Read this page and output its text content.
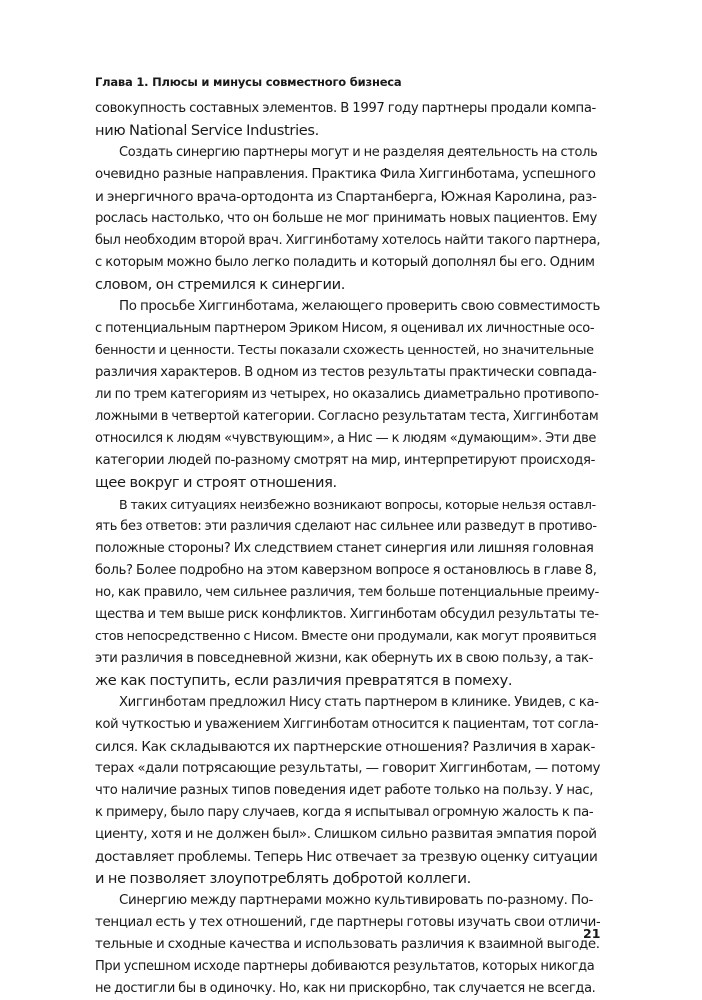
Глава 1. Плюсы и минусы совместного бизнеса
совокупность составных элементов. В 1997 году партнеры продали компа-
нию National Service Industries.
Создать синергию партнеры могут и не разделяя деятельность на столь
очевидно разные направления. Практика Фила Хиггинботама, успешного
и энергичного врача-ортодонта из Спартанберга, Южная Каролина, раз-
рослась настолько, что он больше не мог принимать новых пациентов. Ему
был необходим второй врач. Хиггинботаму хотелось найти такого партнера,
с которым можно было легко поладить и который дополнял бы его. Одним
словом, он стремился к синергии.
По просьбе Хиггинботама, желающего проверить свою совместимость
с потенциальным партнером Эриком Нисом, я оценивал их личностные осо-
бенности и ценности. Тесты показали схожесть ценностей, но значительные
различия характеров. В одном из тестов результаты практически совпада-
ли по трем категориям из четырех, но оказались диаметрально противопо-
ложными в четвертой категории. Согласно результатам теста, Хиггинботам
относился к людям «чувствующим», а Нис — к людям «думающим». Эти две
категории людей по-разному смотрят на мир, интерпретируют происходя-
щее вокруг и строят отношения.
В таких ситуациях неизбежно возникают вопросы, которые нельзя оставл-
ять без ответов: эти различия сделают нас сильнее или разведут в противо-
положные стороны? Их следствием станет синергия или лишняя головная
боль? Более подробно на этом каверзном вопросе я остановлюсь в главе 8,
но, как правило, чем сильнее различия, тем больше потенциальные преиму-
щества и тем выше риск конфликтов. Хиггинботам обсудил результаты те-
стов непосредственно с Нисом. Вместе они продумали, как могут проявиться
эти различия в повседневной жизни, как обернуть их в свою пользу, а так-
же как поступить, если различия превратятся в помеху.
Хиггинботам предложил Нису стать партнером в клинике. Увидев, с ка-
кой чуткостью и уважением Хиггинботам относится к пациентам, тот согла-
сился. Как складываются их партнерские отношения? Различия в харак-
терах «дали потрясающие результаты, — говорит Хиггинботам, — потому
что наличие разных типов поведения идет работе только на пользу. У нас,
к примеру, было пару случаев, когда я испытывал огромную жалость к па-
циенту, хотя и не должен был». Слишком сильно развитая эмпатия порой
доставляет проблемы. Теперь Нис отвечает за трезвую оценку ситуации
и не позволяет злоупотреблять добротой коллеги.
Синергию между партнерами можно культивировать по-разному. По-
тенциал есть у тех отношений, где партнеры готовы изучать свои отличи-
тельные и сходные качества и использовать различия к взаимной выгоде.
При успешном исходе партнеры добиваются результатов, которых никогда
не достигли бы в одиночку. Но, как ни прискорбно, так случается не всегда.
21
